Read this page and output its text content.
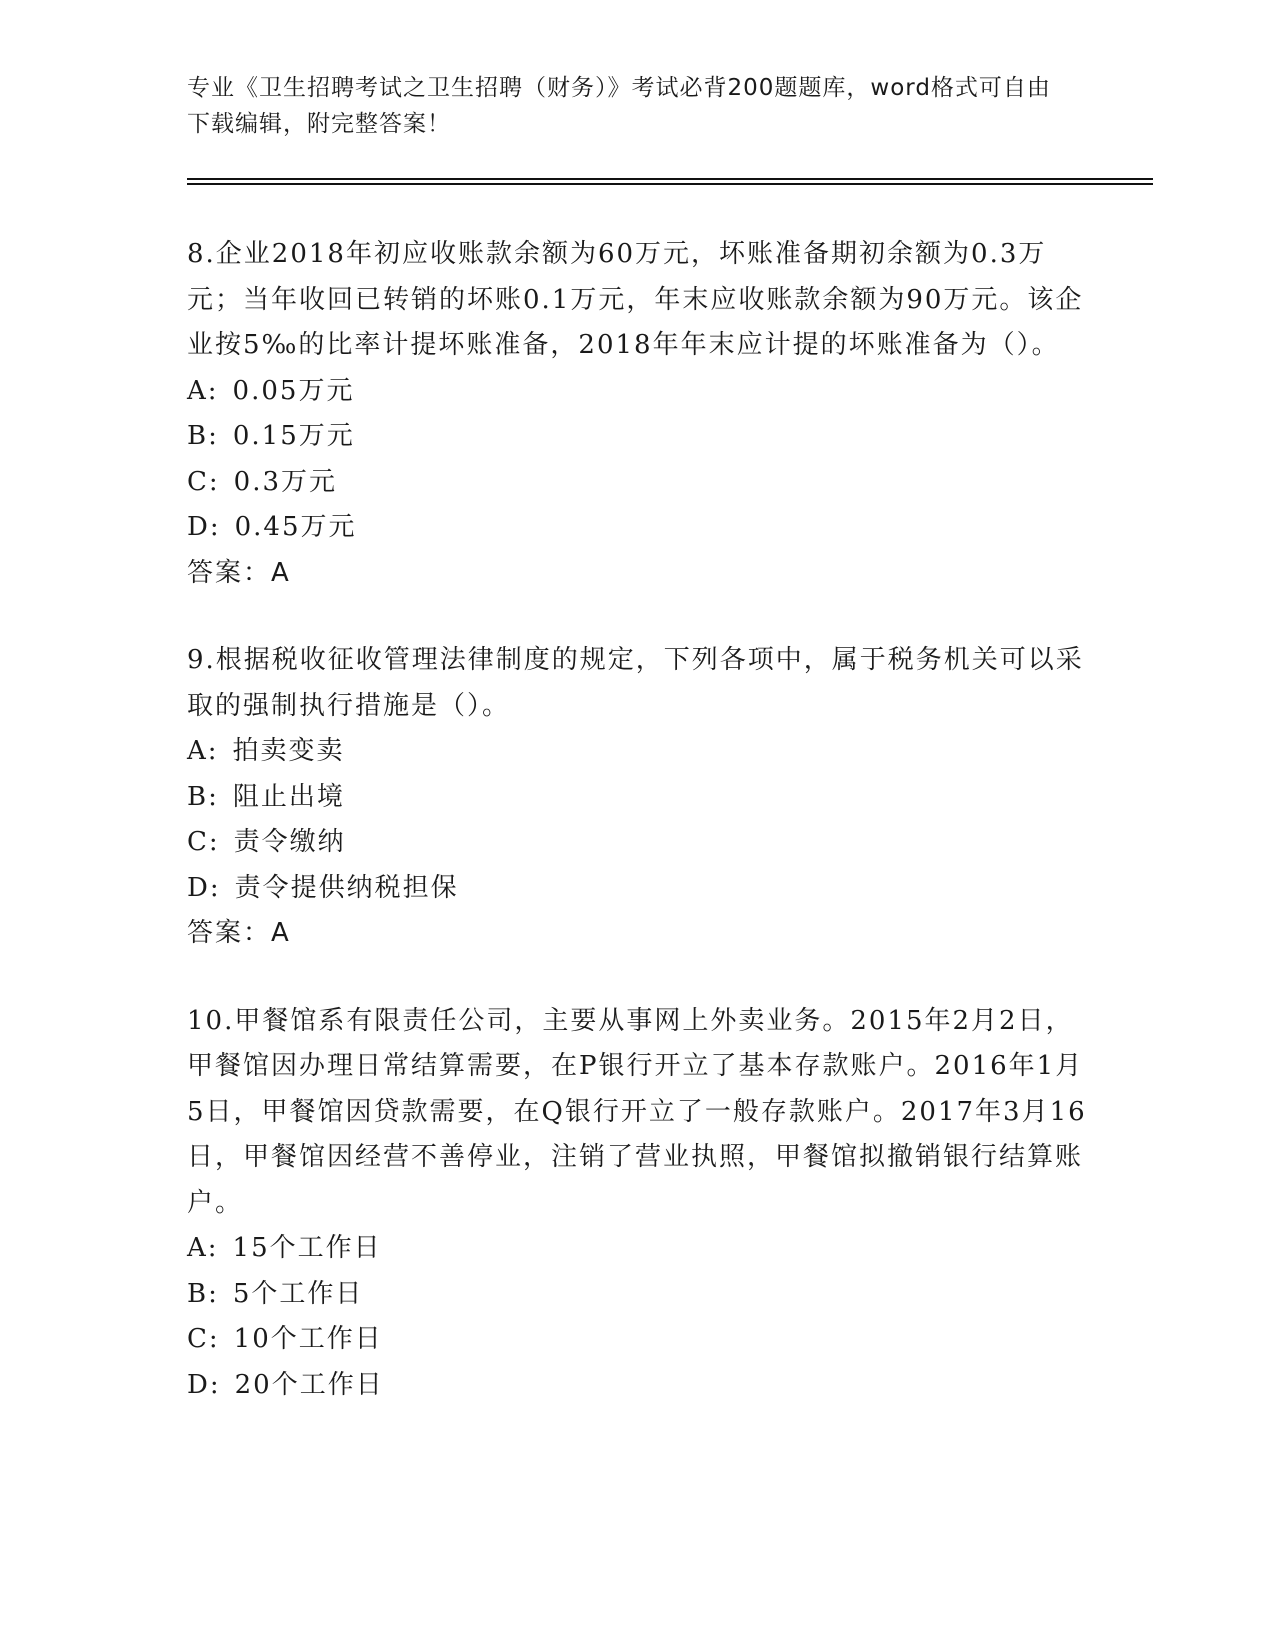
专业《卫生招聘考试之卫生招聘（财务）》考试必背200题题库，word格式可自由下载编辑，附完整答案！

8.企业2018年初应收账款余额为60万元，坏账准备期初余额为0.3万元；当年收回已转销的坏账0.1万元，年末应收账款余额为90万元。该企业按5‰的比率计提坏账准备，2018年年末应计提的坏账准备为（）。

A: 0.05万元

B: 0.15万元

C: 0.3万元

D: 0.45万元

答案：A

9.根据税收征收管理法律制度的规定，下列各项中，属于税务机关可以采取的强制执行措施是（）。

A: 拍卖变卖

B: 阻止出境

C: 责令缴纳

D: 责令提供纳税担保

答案：A

10.甲餐馆系有限责任公司，主要从事网上外卖业务。2015年2月2日，甲餐馆因办理日常结算需要，在P银行开立了基本存款账户。2016年1月5日，甲餐馆因贷款需要，在Q银行开立了一般存款账户。2017年3月16日，甲餐馆因经营不善停业，注销了营业执照，甲餐馆拟撤销银行结算账户。

A: 15个工作日

B: 5个工作日

C: 10个工作日

D: 20个工作日
